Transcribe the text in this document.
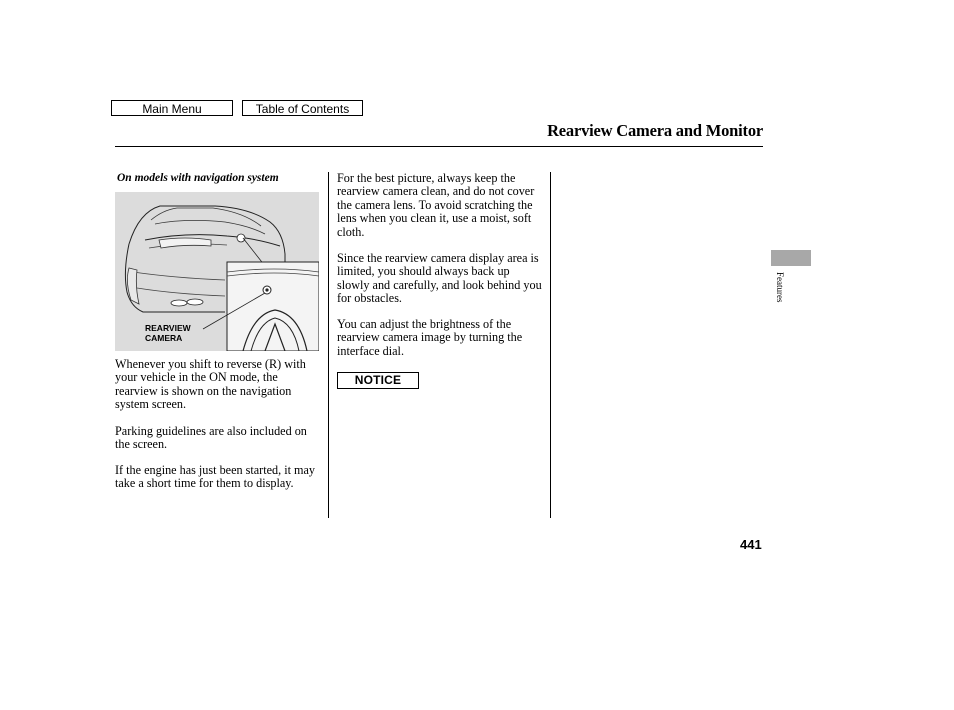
Main Menu	Table of Contents
Rearview Camera and Monitor
On models with navigation system
REARVIEW
CAMERA

Whenever you shift to reverse (R) with your vehicle in the ON mode, the rearview is shown on the navigation system screen.

Parking guidelines are also included on the screen.

If the engine has just been started, it may take a short time for them to display.

For the best picture, always keep the rearview camera clean, and do not cover the camera lens. To avoid scratching the lens when you clean it, use a moist, soft cloth.

Since the rearview camera display area is limited, you should always back up slowly and carefully, and look behind you for obstacles.

You can adjust the brightness of the rearview camera image by turning the interface dial.

NOTICE
Features
441
